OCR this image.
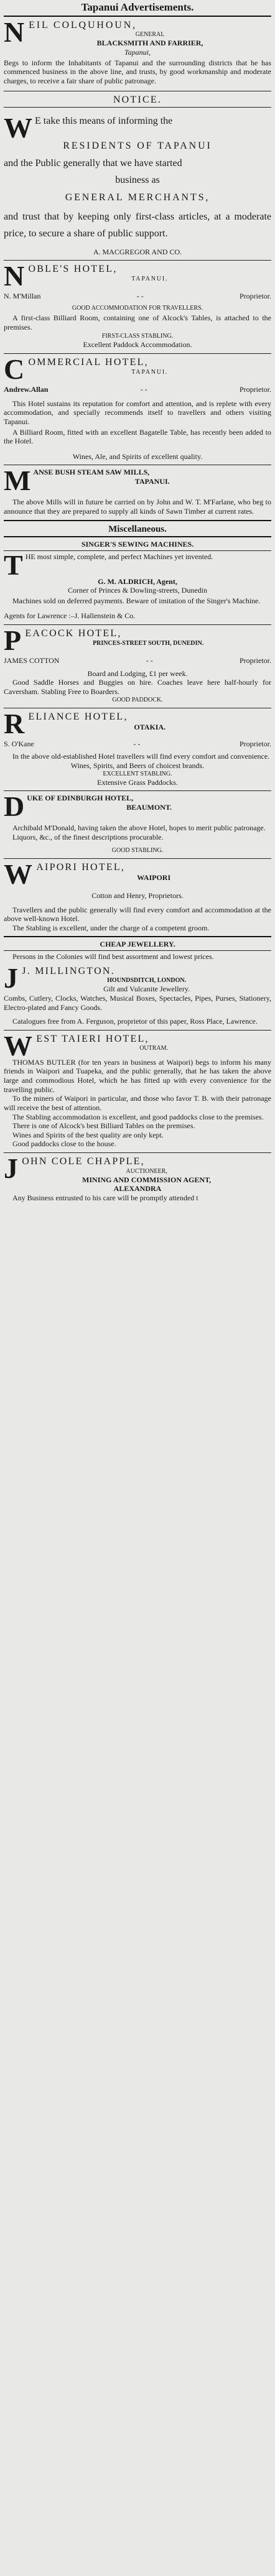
Tapanui Advertisements.
N EIL COLQUHOUN,
GENERAL
BLACKSMITH AND FARRIER,
Tapanui,
Begs to inform the Inhabitants of Tapanui and the surrounding districts that he has commenced business in the above line, and trusts, by good workmanship and moderate charges, to receive a fair share of public patronage.
NOTICE.
W E take this means of informing the
RESIDENTS OF TAPANUI
and the Public generally that we have started
business as
GENERAL MERCHANTS,
and trust that by keeping only first-class articles, at a moderate price, to secure a share of public support.
A. MACGREGOR AND CO.
N OBLE'S HOTEL,
TAPANUI.
N. M'Millan	- -	Proprietor.
GOOD ACCOMMODATION FOR TRAVELLERS.
A first-class Billiard Room, containing one of Alcock's Tables, is attached to the premises.
FIRST-CLASS STABLING.
Excellent Paddock Accommodation.
C OMMERCIAL HOTEL,
TAPANUI.
Andrew.Allan	- -	Proprietor.
This Hotel sustains its reputation for comfort and attention, and is replete with every accommodation, and specially recommends itself to travellers and others visiting Tapanui.
A Billiard Room, fitted with an excellent Bagatelle Table, has recently been added to the Hotel.
Wines, Ale, and Spirits of excellent quality.
M ANSE BUSH STEAM SAW MILLS,
TAPANUI.
The above Mills will in future be carried on by John and W. T. M'Farlane, who beg to announce that they are prepared to supply all kinds of Sawn Timber at current rates.
Miscellaneous.
SINGER'S SEWING MACHINES.
T HE most simple, complete, and perfect Machines yet invented.
G. M. ALDRICH, Agent,
Corner of Princes & Dowling-streets, Dunedin
Machines sold on deferred payments. Beware of imitation of the Singer's Machine.
Agents for Lawrence :–J. Hallenstein & Co.
P EACOCK HOTEL,
PRINCES-STREET SOUTH, DUNEDIN.
JAMES COTTON	- -	Proprietor.
Board and Lodging, £1 per week.
Good Saddle Horses and Buggies on hire. Coaches leave here half-hourly for Caversham. Stabling Free to Boarders.
GOOD PADDOCK.
R ELIANCE HOTEL,
OTAKIA.
S. O'Kane	- -	Proprietor.
In the above old-established Hotel travellers will find every comfort and convenience.
Wines, Spirits, and Beers of choicest brands.
EXCELLENT STABLING.
Extensive Grass Paddocks.
D UKE OF EDINBURGH HOTEL,
BEAUMONT.
Archibald M'Donald, having taken the above Hotel, hopes to merit public patronage.
Liquors, &c., of the finest descriptions procurable.
GOOD STABLING.
W AIPORI HOTEL,
WAIPORI
Cotton and Henry, Proprietors.
Travellers and the public generally will find every comfort and accommodation at the above well-known Hotel.
The Stabling is excellent, under the charge of a competent groom.
CHEAP JEWELLERY.
Persons in the Colonies will find best assortment and lowest prices.
J J. MILLINGTON.
HOUNDSDITCH, LONDON.
Gilt and Vulcanite Jewellery.
Combs, Cutlery, Clocks, Watches, Musical Boxes, Spectacles, Pipes, Purses, Stationery, Electro-plated and Fancy Goods.
Catalogues free from A. Ferguson, proprietor of this paper, Ross Place, Lawrence.
W EST TAIERI HOTEL,
OUTRAM.
THOMAS BUTLER (for ten years in business at Waipori) begs to inform his many friends in Waipori and Tuapeka, and the public generally, that he has taken the above large and commodious Hotel, which he has fitted up with every convenience for the travelling public.
To the miners of Waipori in particular, and those who favor T. B. with their patronage will receive the best of attention.
The Stabling accommodation is excellent, and good paddocks close to the premises.
There is one of Alcock's best Billiard Tables on the premises.
Wines and Spirits of the best quality are only kept.
Good paddocks close to the house.
J OHN COLE CHAPPLE,
AUCTIONEER,
MINING AND COMMISSION AGENT,
ALEXANDRA
Any Business entrusted to his care will be promptly attended t
